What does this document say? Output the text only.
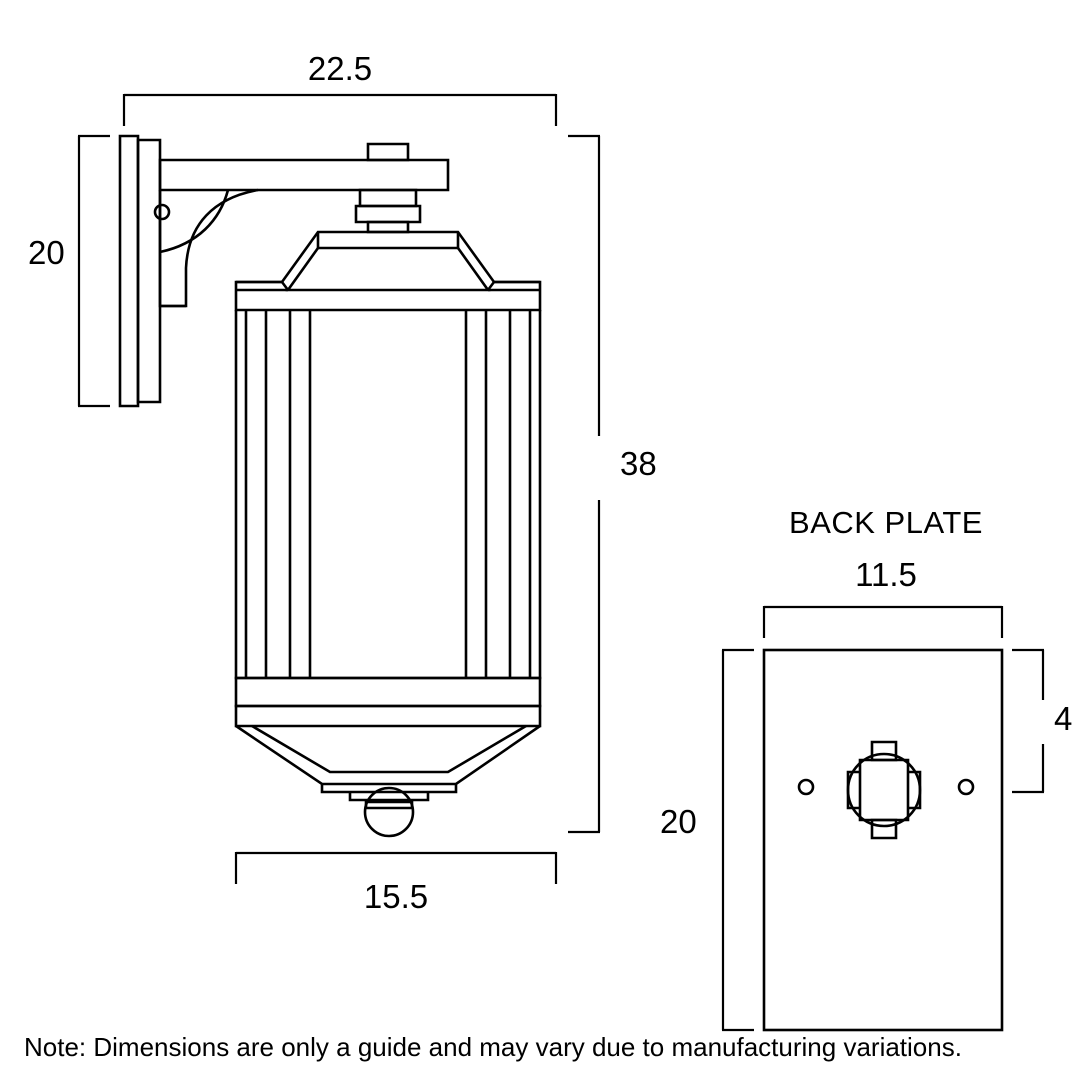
22.5
20
38
15.5
BACK PLATE
11.5
20
4
Note: Dimensions are only a guide and may vary due to manufacturing variations.
